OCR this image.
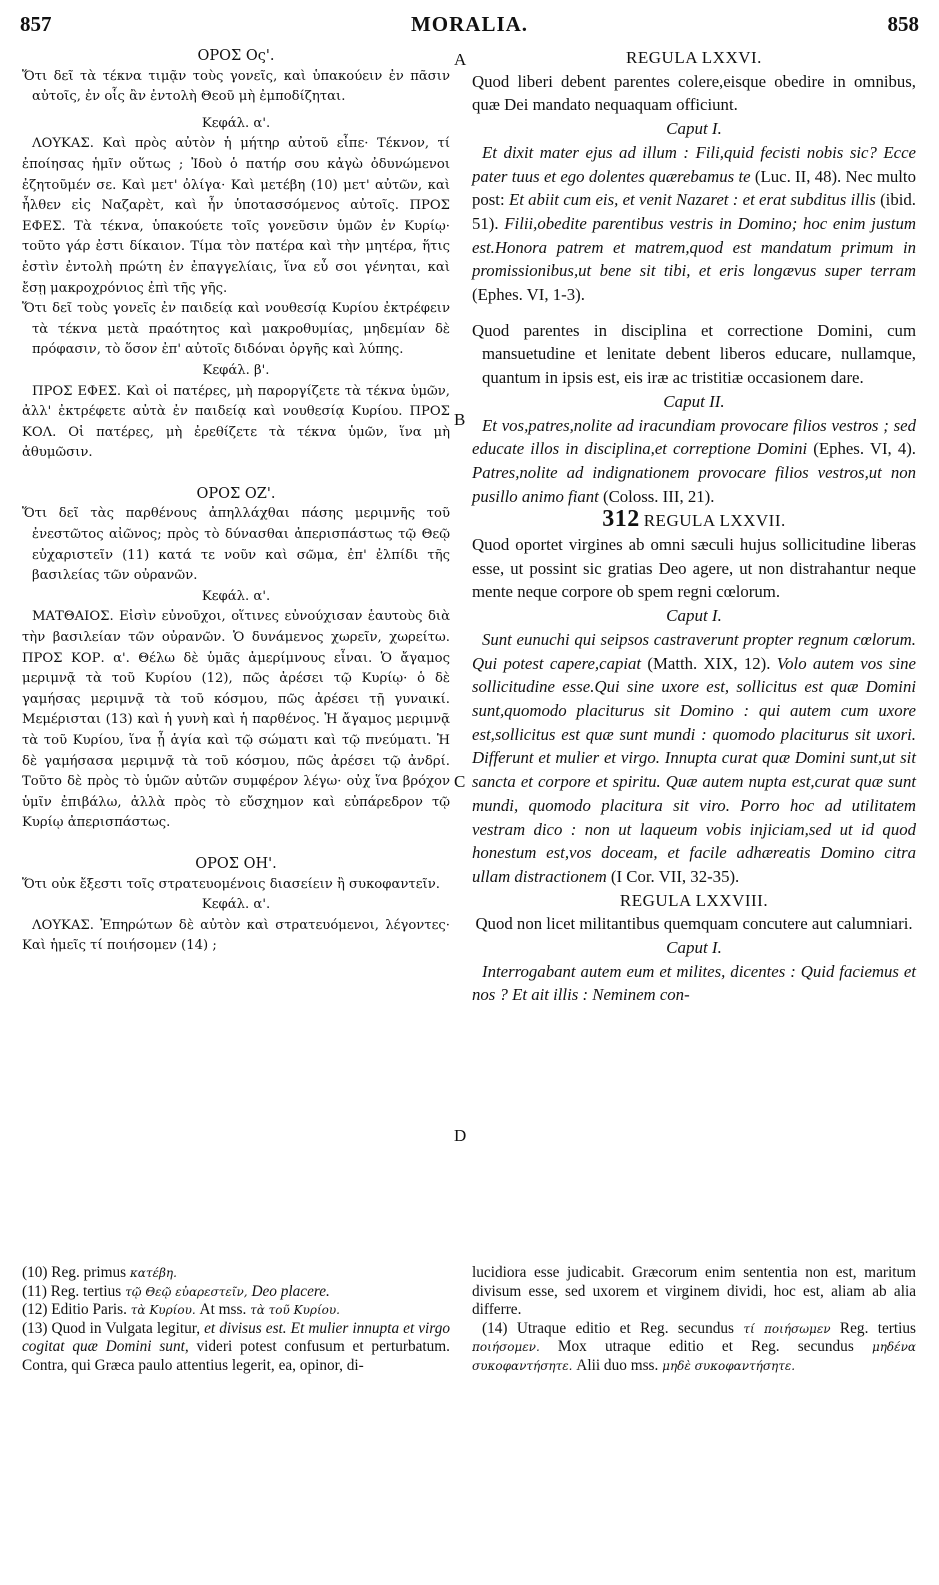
857	MORALIA.	858
A
B
C
D

ΟΡΟΣ Ος'.

Ὅτι δεῖ τὰ τέκνα τιμᾷν τοὺς γονεῖς, καὶ ὑπακούειν ἐν πᾶσιν αὐτοῖς, ἐν οἷς ἂν ἐντολὴ Θεοῦ μὴ ἐμποδίζηται.

Κεφάλ. α'.

ΛΟΥΚΑΣ. Καὶ πρὸς αὐτὸν ἡ μήτηρ αὐτοῦ εἶπε· Τέκνον, τί ἐποίησας ἡμῖν οὕτως ; Ἰδοὺ ὁ πατήρ σου κἀγὼ ὀδυνώμενοι ἐζητοῦμέν σε. Καὶ μετ' ὀλίγα· Καὶ μετέβη (10) μετ' αὐτῶν, καὶ ἦλθεν εἰς Ναζαρὲτ, καὶ ἦν ὑποτασσόμενος αὐτοῖς. ΠΡΟΣ ΕΦΕΣ. Τὰ τέκνα, ὑπακούετε τοῖς γονεῦσιν ὑμῶν ἐν Κυρίῳ· τοῦτο γάρ ἐστι δίκαιον. Τίμα τὸν πατέρα καὶ τὴν μητέρα, ἥτις ἐστὶν ἐντολὴ πρώτη ἐν ἐπαγγελίαις, ἵνα εὖ σοι γένηται, καὶ ἔσῃ μακροχρόνιος ἐπὶ τῆς γῆς.

Ὅτι δεῖ τοὺς γονεῖς ἐν παιδείᾳ καὶ νουθεσίᾳ Κυρίου ἐκτρέφειν τὰ τέκνα μετὰ πραότητος καὶ μακροθυμίας, μηδεμίαν δὲ πρόφασιν, τὸ ὅσον ἐπ' αὐτοῖς διδόναι ὀργῆς καὶ λύπης.

Κεφάλ. β'.

ΠΡΟΣ ΕΦΕΣ. Καὶ οἱ πατέρες, μὴ παροργίζετε τὰ τέκνα ὑμῶν, ἀλλ' ἐκτρέφετε αὐτὰ ἐν παιδείᾳ καὶ νουθεσίᾳ Κυρίου. ΠΡΟΣ ΚΟΛ. Οἱ πατέρες, μὴ ἐρεθίζετε τὰ τέκνα ὑμῶν, ἵνα μὴ ἀθυμῶσιν.

ΟΡΟΣ ΟΖ'.

Ὅτι δεῖ τὰς παρθένους ἀπηλλάχθαι πάσης μεριμνῆς τοῦ ἐνεστῶτος αἰῶνος; πρὸς τὸ δύνασθαι ἀπερισπάστως τῷ Θεῷ εὐχαριστεῖν (11) κατά τε νοῦν καὶ σῶμα, ἐπ' ἐλπίδι τῆς βασιλείας τῶν οὐρανῶν.

Κεφάλ. α'.

ΜΑΤΘΑΙΟΣ. Εἰσὶν εὐνοῦχοι, οἵτινες εὐνούχισαν ἑαυτοὺς διὰ τὴν βασιλείαν τῶν οὐρανῶν. Ὁ δυνάμενος χωρεῖν, χωρείτω. ΠΡΟΣ ΚΟΡ. α'. Θέλω δὲ ὑμᾶς ἀμερίμνους εἶναι. Ὁ ἄγαμος μεριμνᾷ τὰ τοῦ Κυρίου (12), πῶς ἀρέσει τῷ Κυρίῳ· ὁ δὲ γαμήσας μεριμνᾷ τὰ τοῦ κόσμου, πῶς ἀρέσει τῇ γυναικί. Μεμέρισται (13) καὶ ἡ γυνὴ καὶ ἡ παρθένος. Ἡ ἄγαμος μεριμνᾷ τὰ τοῦ Κυρίου, ἵνα ᾖ ἁγία καὶ τῷ σώματι καὶ τῷ πνεύματι. Ἡ δὲ γαμήσασα μεριμνᾷ τὰ τοῦ κόσμου, πῶς ἀρέσει τῷ ἀνδρί. Τοῦτο δὲ πρὸς τὸ ὑμῶν αὐτῶν συμφέρον λέγω· οὐχ ἵνα βρόχον ὑμῖν ἐπιβάλω, ἀλλὰ πρὸς τὸ εὔσχημον καὶ εὐπάρεδρον τῷ Κυρίῳ ἀπερισπάστως.

ΟΡΟΣ ΟΗ'.

Ὅτι οὐκ ἔξεστι τοῖς στρατευομένοις διασείειν ἢ συκοφαντεῖν.

Κεφάλ. α'.

ΛΟΥΚΑΣ. Ἐπηρώτων δὲ αὐτὸν καὶ στρατευόμενοι, λέγοντες· Καὶ ἡμεῖς τί ποιήσομεν (14) ;

REGULA LXXVI.

Quod liberi debent parentes colere,eisque obedire in omnibus, quæ Dei mandato nequaquam officiunt.

Caput I.

Et dixit mater ejus ad illum : Fili,quid fecisti nobis sic? Ecce pater tuus et ego dolentes quærebamus te (Luc. II, 48). Nec multo post: Et abiit cum eis, et venit Nazaret : et erat subditus illis (ibid. 51). Filii,obedite parentibus vestris in Domino; hoc enim justum est.Honora patrem et matrem,quod est mandatum primum in promissionibus,ut bene sit tibi, et eris longævus super terram (Ephes. VI, 1-3).

Quod parentes in disciplina et correctione Domini, cum mansuetudine et lenitate debent liberos educare, nullamque, quantum in ipsis est, eis iræ ac tristitiæ occasionem dare.

Caput II.

Et vos,patres,nolite ad iracundiam provocare filios vestros ; sed educate illos in disciplina,et correptione Domini (Ephes. VI, 4). Patres,nolite ad indignationem provocare filios vestros,ut non pusillo animo fiant (Coloss. III, 21).

312 REGULA LXXVII.

Quod oportet virgines ab omni sæculi hujus sollicitudine liberas esse, ut possint sic gratias Deo agere, ut non distrahantur neque mente neque corpore ob spem regni cœlorum.

Caput I.

Sunt eunuchi qui seipsos castraverunt propter regnum cœlorum. Qui potest capere,capiat (Matth. XIX, 12). Volo autem vos sine sollicitudine esse.Qui sine uxore est, sollicitus est quæ Domini sunt,quomodo placiturus sit Domino : qui autem cum uxore est,sollicitus est quæ sunt mundi : quomodo placiturus sit uxori. Differunt et mulier et virgo. Innupta curat quæ Domini sunt,ut sit sancta et corpore et spiritu. Quæ autem nupta est,curat quæ sunt mundi, quomodo placitura sit viro. Porro hoc ad utilitatem vestram dico : non ut laqueum vobis injiciam,sed ut id quod honestum est,vos doceam, et facile adhæreatis Domino citra ullam distractionem (I Cor. VII, 32-35).

REGULA LXXVIII.

Quod non licet militantibus quemquam concutere aut calumniari.

Caput I.

Interrogabant autem eum et milites, dicentes : Quid faciemus et nos ? Et ait illis : Neminem con-

(10) Reg. primus κατέβη.
(11) Reg. tertius τῷ Θεῷ εὐαρεστεῖν, Deo placere.
(12) Editio Paris. τὰ Κυρίου. At mss. τὰ τοῦ Κυρίου.
(13) Quod in Vulgata legitur, et divisus est. Et mulier innupta et virgo cogitat quæ Domini sunt, videri potest confusum et perturbatum. Contra, qui Græca paulo attentius legerit, ea, opinor, di-
lucidiora esse judicabit. Græcorum enim sententia non est, maritum divisum esse, sed uxorem et virginem dividi, hoc est, aliam ab alia differre.
(14) Utraque editio et Reg. secundus τί ποιήσωμεν Reg. tertius ποιήσομεν. Mox utraque editio et Reg. secundus μηδένα συκοφαντήσητε. Alii duo mss. μηδὲ συκοφαντήσητε.
